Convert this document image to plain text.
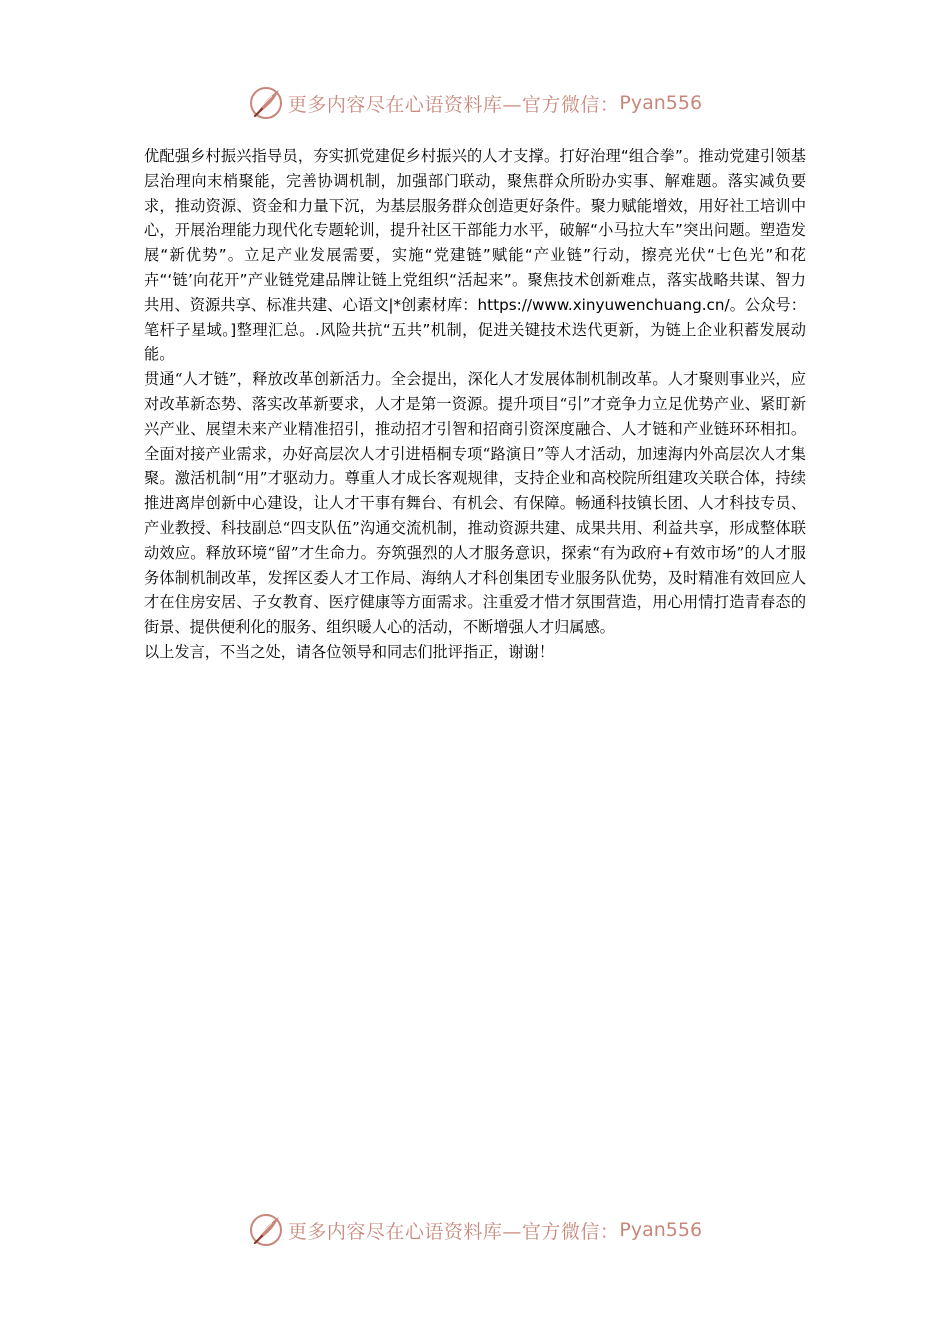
更多内容尽在心语资料库—官方微信： Pyan556

优配强乡村振兴指导员，夯实抓党建促乡村振兴的人才支撑。打好治理“组合拳”。推动党建引领基层治理向末梢聚能，完善协调机制，加强部门联动，聚焦群众所盼办实事、解难题。落实减负要求，推动资源、资金和力量下沉，为基层服务群众创造更好条件。聚力赋能增效，用好社工培训中心，开展治理能力现代化专题轮训，提升社区干部能力水平，破解“小马拉大车”突出问题。塑造发展“新优势”。立足产业发展需要，实施“党建链”赋能“产业链”行动，擦亮光伏“七色光”和花卉“‘链’向花开”产业链党建品牌让链上党组织“活起来”。聚焦技术创新难点，落实战略共谋、智力共用、资源共享、标准共建、心语文|*创素材库：https://www.xinyuwenchuang.cn/。公众号：笔杆子星域。]整理汇总。.风险共抗“五共”机制，促进关键技术迭代更新，为链上企业积蓄发展动能。

贯通“人才链”，释放改革创新活力。全会提出，深化人才发展体制机制改革。人才聚则事业兴，应对改革新态势、落实改革新要求，人才是第一资源。提升项目“引”才竞争力立足优势产业、紧盯新兴产业、展望未来产业精准招引，推动招才引智和招商引资深度融合、人才链和产业链环环相扣。全面对接产业需求，办好高层次人才引进梧桐专项“路演日”等人才活动，加速海内外高层次人才集聚。激活机制“用”才驱动力。尊重人才成长客观规律，支持企业和高校院所组建攻关联合体，持续推进离岸创新中心建设，让人才干事有舞台、有机会、有保障。畅通科技镇长团、人才科技专员、产业教授、科技副总“四支队伍”沟通交流机制，推动资源共建、成果共用、利益共享，形成整体联动效应。释放环境“留”才生命力。夯筑强烈的人才服务意识，探索“有为政府+有效市场”的人才服务体制机制改革，发挥区委人才工作局、海纳人才科创集团专业服务队优势，及时精准有效回应人才在住房安居、子女教育、医疗健康等方面需求。注重爱才惜才氛围营造，用心用情打造青春态的街景、提供便利化的服务、组织暖人心的活动，不断增强人才归属感。

以上发言，不当之处，请各位领导和同志们批评指正，谢谢！

更多内容尽在心语资料库—官方微信： Pyan556
